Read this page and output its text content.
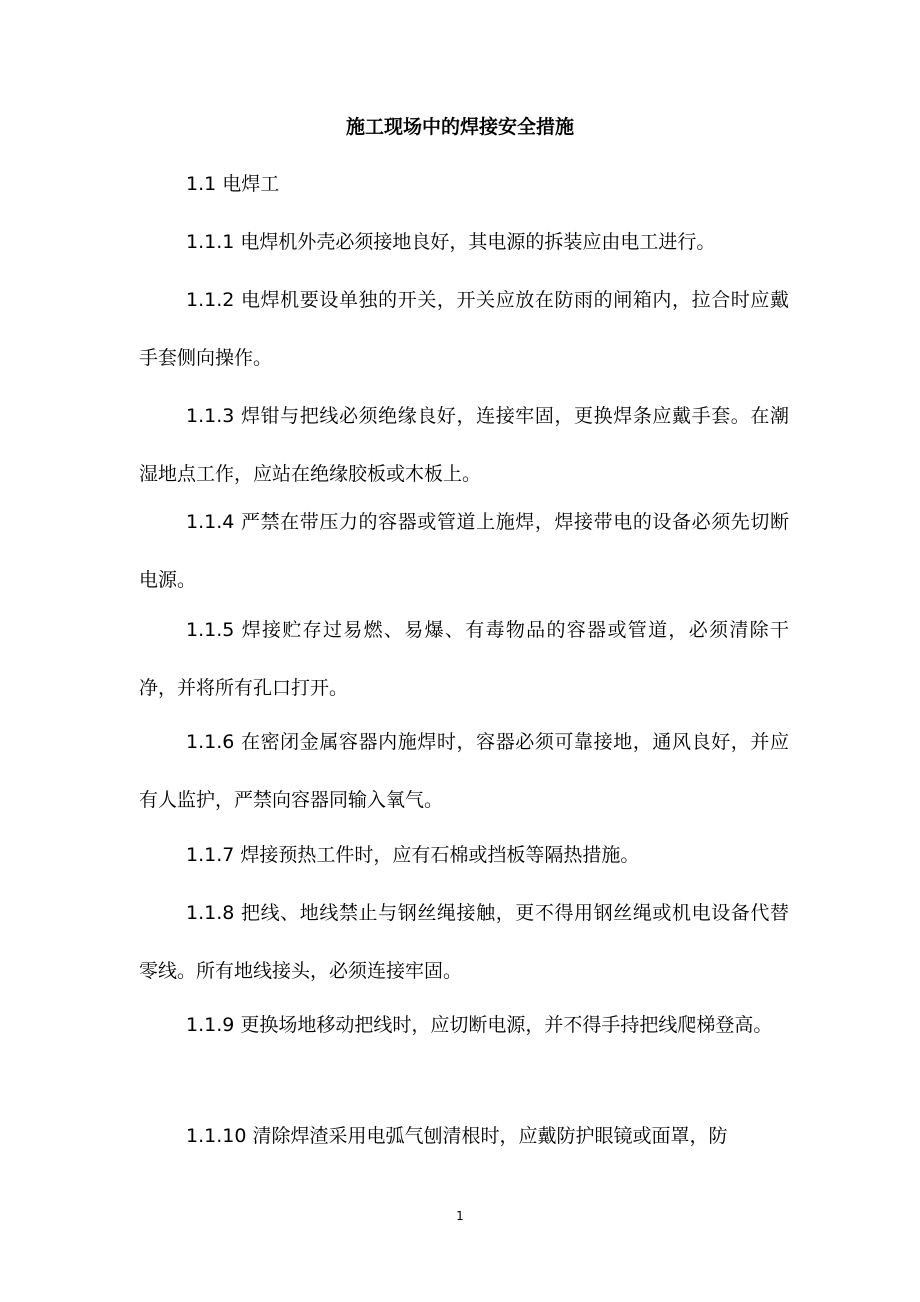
施工现场中的焊接安全措施

1.1 电焊工

1.1.1 电焊机外壳必须接地良好，其电源的拆装应由电工进行。

1.1.2 电焊机要设单独的开关，开关应放在防雨的闸箱内，拉合时应戴手套侧向操作。

1.1.3 焊钳与把线必须绝缘良好，连接牢固，更换焊条应戴手套。在潮湿地点工作，应站在绝缘胶板或木板上。

1.1.4 严禁在带压力的容器或管道上施焊，焊接带电的设备必须先切断电源。

1.1.5 焊接贮存过易燃、易爆、有毒物品的容器或管道，必须清除干净，并将所有孔口打开。

1.1.6 在密闭金属容器内施焊时，容器必须可靠接地，通风良好，并应有人监护，严禁向容器同输入氧气。

1.1.7 焊接预热工件时，应有石棉或挡板等隔热措施。

1.1.8 把线、地线禁止与钢丝绳接触，更不得用钢丝绳或机电设备代替零线。所有地线接头，必须连接牢固。

1.1.9 更换场地移动把线时，应切断电源，并不得手持把线爬梯登高。

1.1.10 清除焊渣采用电弧气刨清根时，应戴防护眼镜或面罩，防

1
